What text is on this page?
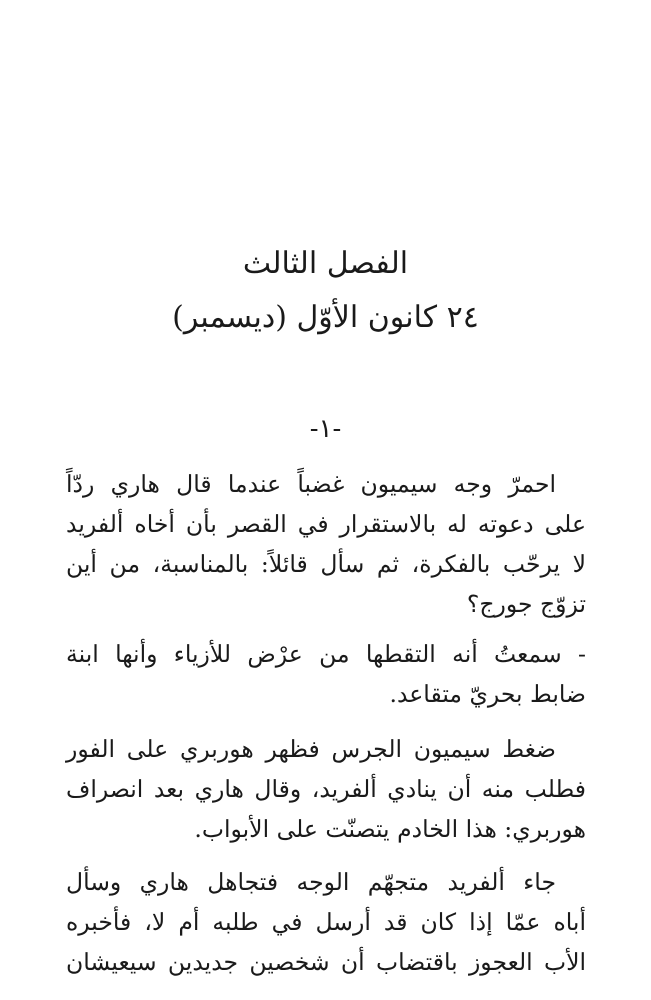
الفصل الثالث
٢٤ كانون الأوّل (ديسمبر)
-١-

احمرّ وجه سيميون غضباً عندما قال هاري ردّاً
على دعوته له بالاستقرار في القصر بأن أخاه ألفريد
لا يرحّب بالفكرة، ثم سأل قائلاً: بالمناسبة، من أين
تزوّج جورج؟

- سمعتُ أنه التقطها من عرْض للأزياء وأنها ابنة
ضابط بحريّ متقاعد.

ضغط سيميون الجرس فظهر هوربري على الفور
فطلب منه أن ينادي ألفريد، وقال هاري بعد انصراف
هوربري: هذا الخادم يتصنّت على الأبواب.

جاء ألفريد متجهّم الوجه فتجاهل هاري وسأل
أباه عمّا إذا كان قد أرسل في طلبه أم لا، فأخبره
الأب العجوز باقتضاب أن شخصين جديدين سيعيشان
